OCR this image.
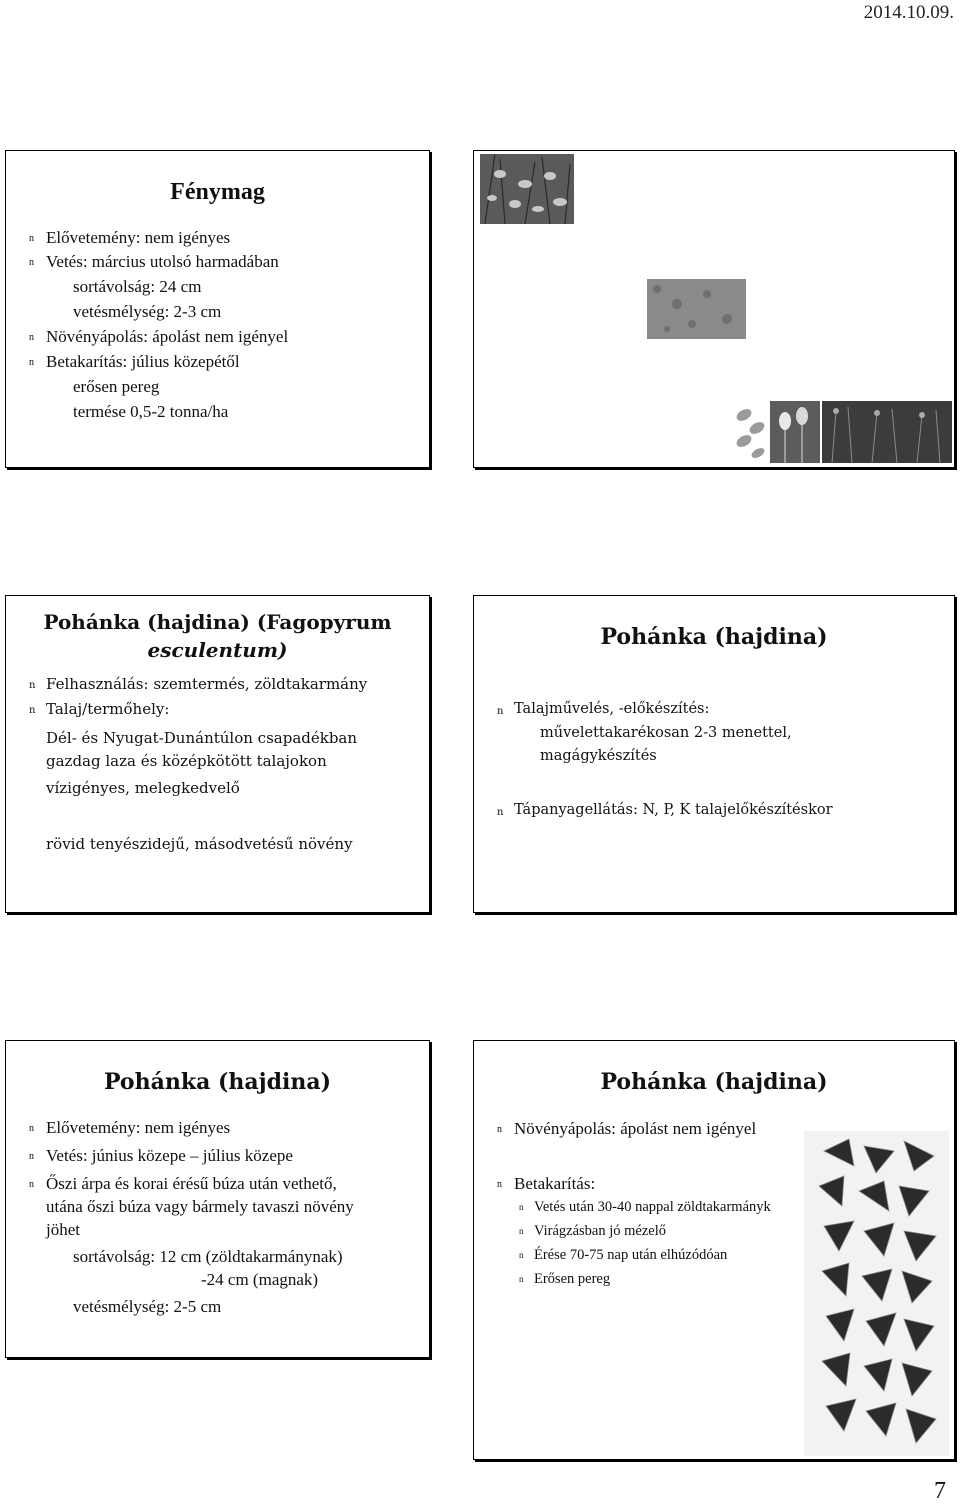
2014.10.09.
Fénymag
n Elővetemény: nem igényes
n Vetés: március utolsó harmadában
sortávolság: 24 cm
vetésmélység: 2-3 cm
n Növényápolás: ápolást nem igényel
n Betakarítás: július közepétől
erősen pereg
termése 0,5-2 tonna/ha
Pohánka (hajdina) (Fagopyrum
esculentum)
n Felhasználás: szemtermés, zöldtakarmány
n Talaj/termőhely:
Dél- és Nyugat-Dunántúlon csapadékban
gazdag laza és középkötött talajokon
vízigényes, melegkedvelő
rövid tenyészidejű, másodvetésű növény
Pohánka (hajdina)
n Talajművelés, -előkészítés:
művelettakarékosan 2-3 menettel,
magágykészítés
n Tápanyagellátás: N, P, K talajelőkészítéskor
Pohánka (hajdina)
n Elővetemény: nem igényes
n Vetés: június közepe – július közepe
n Őszi árpa és korai érésű búza után vethető,
utána őszi búza vagy bármely tavaszi növény
jöhet
sortávolság: 12 cm (zöldtakarmánynak)
-24 cm (magnak)
vetésmélység: 2-5 cm
Pohánka (hajdina)
n Növényápolás: ápolást nem igényel
n Betakarítás:
n Vetés után 30-40 nappal zöldtakarmányk
n Virágzásban jó mézelő
n Érése 70-75 nap után elhúzódóan
n Erősen pereg
7
